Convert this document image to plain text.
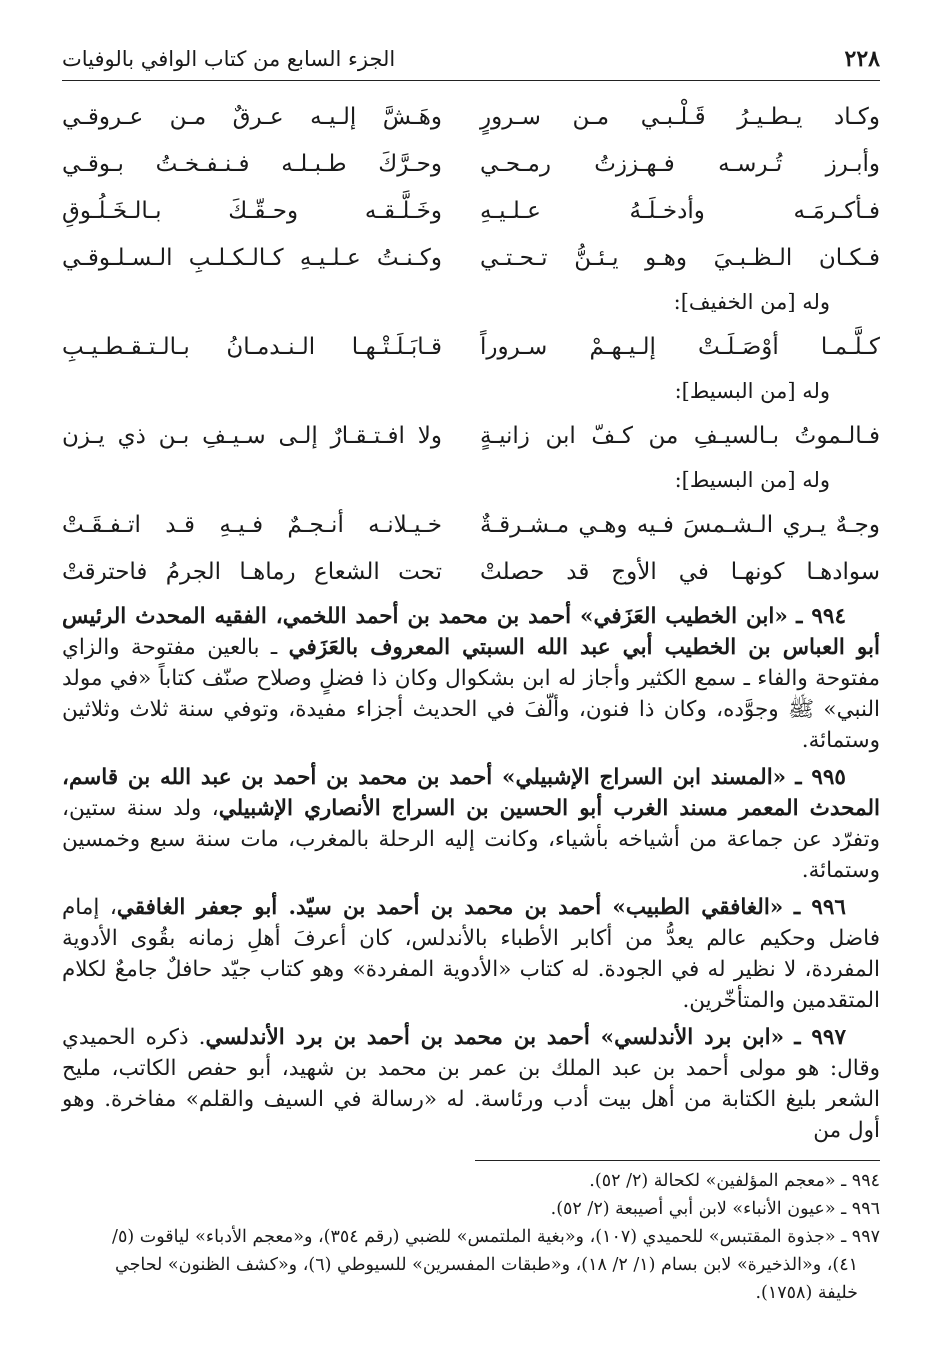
٢٢٨
الجزء السابع من كتاب الوافي بالوفيات
وكـاد يـطـيـرُ قَـلْـبـي مـن سـرورٍ
وهَـشَّ إلـيـه عـرقٌ مـن عـروقـي
وأبـرز تُـرسـه فـهـززتُ رمـحـي
وحـرَّكَ طـبـلـه فـنـفـخـتُ بـوقـي
فـأكـرمَـه وأدخـلَـهُ عـلـيـهِ
وخَـلَّـقـه وحـقّـكَ بـالـخَـلُـوقِ
فـكـان الـظـبـيَ وهـو يـئـنُّ تـحـتـي
وكـنـتُ عـلـيـهِ كـالـكـلـبِ الـسـلـوقـي
وله [من الخفيف]:
كـلَّـمـا أوْصَـلَـتْ إلـيـهـمْ سـروراً
قـابَـلَـتْـهـا الـنـدمـانُ بـالـتـقـطـيـبِ
وله [من البسيط]:
فـالـموتُ بـالسيـفِ من كـفّ ابن زانيـةٍ
ولا افـتـقـارٌ إلـى سـيـفِ بـن ذي يـزن
وله [من البسيط]:
وجـهٌ يـري الـشـمسَ فـيه وهـي مـشـرقـةٌ
خـيـلانـه أنـجـمٌ فـيـهِ قـد اتـفـقَـتْ
سوادهـا كونهـا في الأوج قد حصلتْ
تحت الشعاع رماهـا الجرمُ فاحترقتْ
٩٩٤ ـ «ابن الخطيب العَزَفي» أحمد بن محمد بن أحمد اللخمي، الفقيه المحدث الرئيس أبو العباس بن الخطيب أبي عبد الله السبتي المعروف بالعَزَفي ـ بالعين مفتوحة والزاي مفتوحة والفاء ـ سمع الكثير وأجاز له ابن بشكوال وكان ذا فضلٍ وصلاح صنّف كتاباً «في مولد النبي» ﷺ وجوَّده، وكان ذا فنون، وألّفَ في الحديث أجزاء مفيدة، وتوفي سنة ثلاث وثلاثين وستمائة.
٩٩٥ ـ «المسند ابن السراج الإشبيلي» أحمد بن محمد بن أحمد بن عبد الله بن قاسم، المحدث المعمر مسند الغرب أبو الحسين بن السراج الأنصاري الإشبيلي، ولد سنة ستين، وتفرّد عن جماعة من أشياخه بأشياء، وكانت إليه الرحلة بالمغرب، مات سنة سبع وخمسين وستمائة.
٩٩٦ ـ «الغافقي الطبيب» أحمد بن محمد بن أحمد بن سيّد. أبو جعفر الغافقي، إمام فاضل وحكيم عالم يعدُّ من أكابر الأطباء بالأندلس، كان أعرفَ أهلِ زمانه بقُوى الأدوية المفردة، لا نظير له في الجودة. له كتاب «الأدوية المفردة» وهو كتاب جيّد حافلٌ جامعٌ لكلام المتقدمين والمتأخّرين.
٩٩٧ ـ «ابن برد الأندلسي» أحمد بن محمد بن أحمد بن برد الأندلسي. ذكره الحميدي وقال: هو مولى أحمد بن عبد الملك بن عمر بن محمد بن شهيد، أبو حفص الكاتب، مليح الشعر بليغ الكتابة من أهل بيت أدب ورئاسة. له «رسالة في السيف والقلم» مفاخرة. وهو أول من
٩٩٤ ـ «معجم المؤلفين» لكحالة (٢/ ٥٢).
٩٩٦ ـ «عيون الأنباء» لابن أبي أصيبعة (٢/ ٥٢).
٩٩٧ ـ «جذوة المقتبس» للحميدي (١٠٧)، و«بغية الملتمس» للضبي (رقم ٣٥٤)، و«معجم الأدباء» لياقوت (٥/
٤١)، و«الذخيرة» لابن بسام (١/ ٢/ ١٨)، و«طبقات المفسرين» للسيوطي (٦)، و«كشف الظنون» لحاجي
خليفة (١٧٥٨).
